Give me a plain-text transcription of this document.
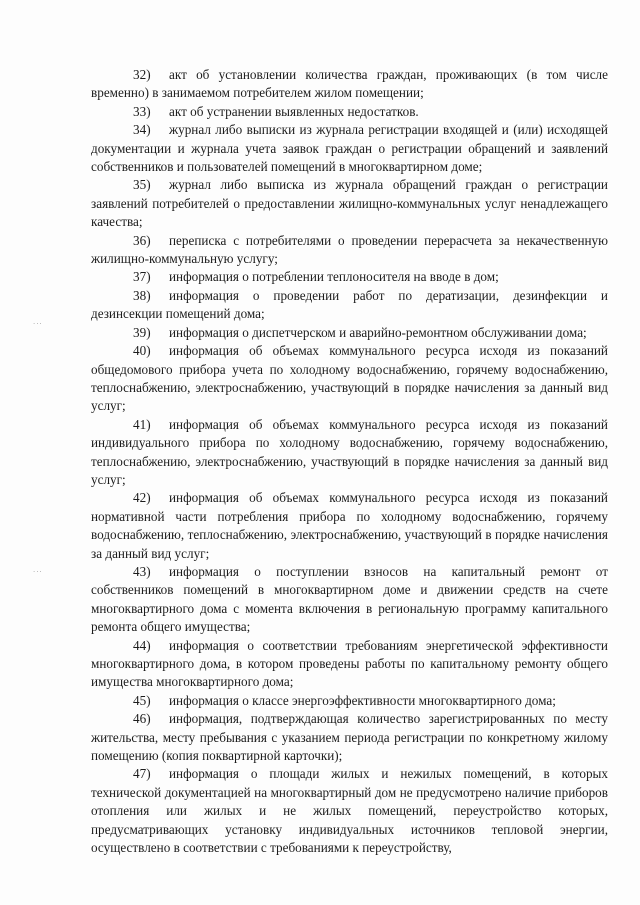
...
...

32) акт об установлении количества граждан, проживающих (в том числе временно) в занимаемом потребителем жилом помещении;

33) акт об устранении выявленных недостатков.

34) журнал либо выписки из журнала регистрации входящей и (или) исходящей документации и журнала учета заявок граждан о регистрации обращений и заявлений собственников и пользователей помещений в многоквартирном доме;

35) журнал либо выписка из журнала обращений граждан о регистрации заявлений потребителей о предоставлении жилищно-коммунальных услуг ненадлежащего качества;

36) переписка с потребителями о проведении перерасчета за некачественную жилищно-коммунальную услугу;

37) информация о потреблении теплоносителя на вводе в дом;

38) информация о проведении работ по дератизации, дезинфекции и дезинсекции помещений дома;

39) информация о диспетчерском и аварийно-ремонтном обслуживании дома;

40) информация об объемах коммунального ресурса исходя из показаний общедомового прибора учета по холодному водоснабжению, горячему водоснабжению, теплоснабжению, электроснабжению, участвующий в порядке начисления за данный вид услуг;

41) информация об объемах коммунального ресурса исходя из показаний индивидуального прибора по холодному водоснабжению, горячему водоснабжению, теплоснабжению, электроснабжению, участвующий в порядке начисления за данный вид услуг;

42) информация об объемах коммунального ресурса исходя из показаний нормативной части потребления прибора по холодному водоснабжению, горячему водоснабжению, теплоснабжению, электроснабжению, участвующий в порядке начисления за данный вид услуг;

43) информация о поступлении взносов на капитальный ремонт от собственников помещений в многоквартирном доме и движении средств на счете многоквартирного дома с момента включения в региональную программу капитального ремонта общего имущества;

44) информация о соответствии требованиям энергетической эффективности многоквартирного дома, в котором проведены работы по капитальному ремонту общего имущества многоквартирного дома;

45) информация о классе энергоэффективности многоквартирного дома;

46) информация, подтверждающая количество зарегистрированных по месту жительства, месту пребывания с указанием периода регистрации по конкретному жилому помещению (копия поквартирной карточки);

47) информация о площади жилых и нежилых помещений, в которых технической документацией на многоквартирный дом не предусмотрено наличие приборов отопления или жилых и не жилых помещений, переустройство которых, предусматривающих установку индивидуальных источников тепловой энергии, осуществлено в соответствии с требованиями к переустройству,
